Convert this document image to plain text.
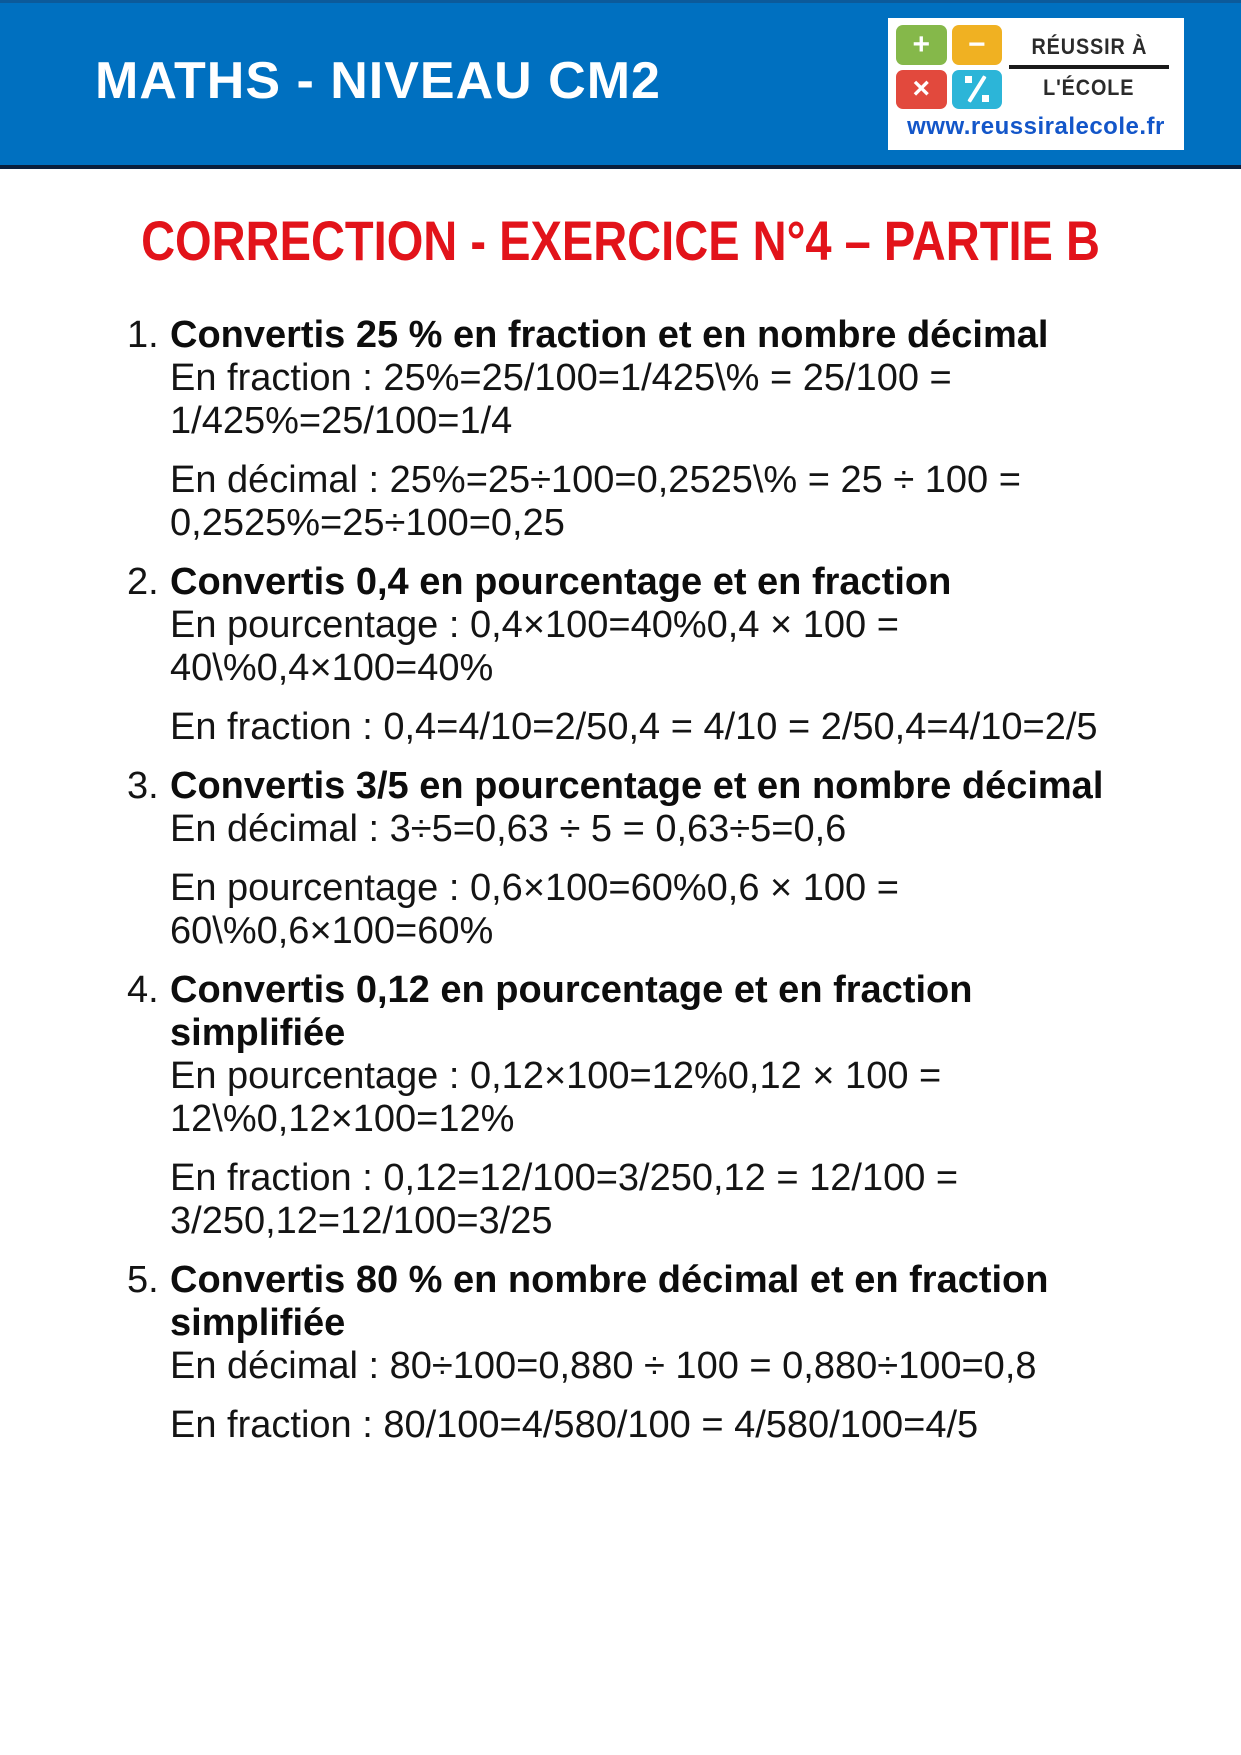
MATHS - NIVEAU CM2
+	−
×
RÉUSSIR À
L'ÉCOLE
www.reussiralecole.fr
CORRECTION - EXERCICE N°4 – PARTIE B
1. Convertis 25 % en fraction et en nombre décimal
En fraction : 25%=25/100=1/425\% = 25/100 = 1/425%=25/100=1/4
En décimal : 25%=25÷100=0,2525\% = 25 ÷ 100 = 0,2525%=25÷100=0,25
2. Convertis 0,4 en pourcentage et en fraction
En pourcentage : 0,4×100=40%0,4 × 100 = 40\%0,4×100=40%
En fraction : 0,4=4/10=2/50,4 = 4/10 = 2/50,4=4/10=2/5
3. Convertis 3/5 en pourcentage et en nombre décimal
En décimal : 3÷5=0,63 ÷ 5 = 0,63÷5=0,6
En pourcentage : 0,6×100=60%0,6 × 100 = 60\%0,6×100=60%
4. Convertis 0,12 en pourcentage et en fraction simplifiée
En pourcentage : 0,12×100=12%0,12 × 100 = 12\%0,12×100=12%
En fraction : 0,12=12/100=3/250,12 = 12/100 = 3/250,12=12/100=3/25
5. Convertis 80 % en nombre décimal et en fraction simplifiée
En décimal : 80÷100=0,880 ÷ 100 = 0,880÷100=0,8
En fraction : 80/100=4/580/100 = 4/580/100=4/5
